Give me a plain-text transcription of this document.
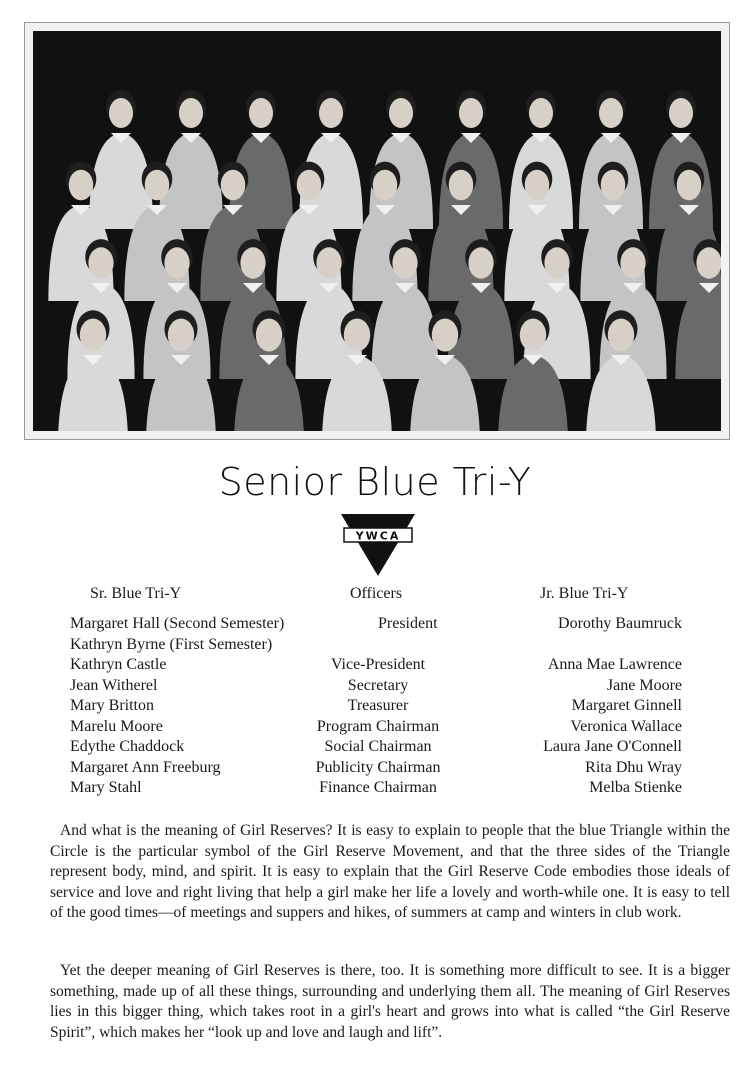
Senior Blue Tri-Y
YWCA
Sr. Blue Tri-Y	Officers	Jr. Blue Tri-Y
Margaret Hall (Second Semester)	President	Dorothy Baumruck
Kathryn Byrne (First Semester)
Kathryn Castle	Vice-President	Anna Mae Lawrence
Jean Witherel	Secretary	Jane Moore
Mary Britton	Treasurer	Margaret Ginnell
Marelu Moore	Program Chairman	Veronica Wallace
Edythe Chaddock	Social Chairman	Laura Jane O'Connell
Margaret Ann Freeburg	Publicity Chairman	Rita Dhu Wray
Mary Stahl	Finance Chairman	Melba Stienke

And what is the meaning of Girl Reserves? It is easy to explain to people that the blue Triangle within the Circle is the particular symbol of the Girl Reserve Movement, and that the three sides of the Triangle represent body, mind, and spirit. It is easy to explain that the Girl Reserve Code embodies those ideals of service and love and right living that help a girl make her life a lovely and worth-while one. It is easy to tell of the good times—of meetings and suppers and hikes, of summers at camp and winters in club work.

Yet the deeper meaning of Girl Reserves is there, too. It is something more difficult to see. It is a bigger something, made up of all these things, surrounding and underlying them all. The meaning of Girl Reserves lies in this bigger thing, which takes root in a girl's heart and grows into what is called “the Girl Reserve Spirit”, which makes her “look up and love and laugh and lift”.
